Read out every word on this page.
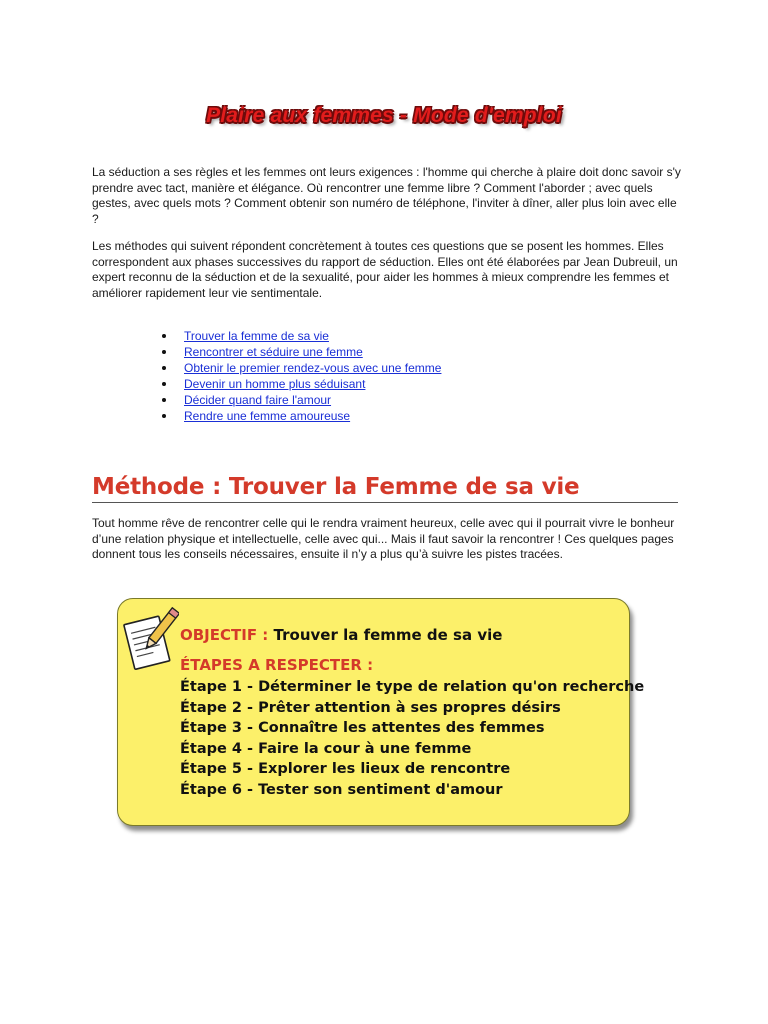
Plaire aux femmes - Mode d'emploi

La séduction a ses règles et les femmes ont leurs exigences : l'homme qui cherche à plaire doit donc savoir s'y prendre avec tact, manière et élégance. Où rencontrer une femme libre ? Comment l'aborder ; avec quels gestes, avec quels mots ? Comment obtenir son numéro de téléphone, l'inviter à dîner, aller plus loin avec elle ?

Les méthodes qui suivent répondent concrètement à toutes ces questions que se posent les hommes. Elles correspondent aux phases successives du rapport de séduction. Elles ont été élaborées par Jean Dubreuil, un expert reconnu de la séduction et de la sexualité, pour aider les hommes à mieux comprendre les femmes et améliorer rapidement leur vie sentimentale.

Trouver la femme de sa vie
Rencontrer et séduire une femme
Obtenir le premier rendez-vous avec une femme
Devenir un homme plus séduisant
Décider quand faire l'amour
Rendre une femme amoureuse
Méthode : Trouver la Femme de sa vie

Tout homme rêve de rencontrer celle qui le rendra vraiment heureux, celle avec qui il pourrait vivre le bonheur d’une relation physique et intellectuelle, celle avec qui... Mais il faut savoir la rencontrer ! Ces quelques pages donnent tous les conseils nécessaires, ensuite il n’y a plus qu’à suivre les pistes tracées.

OBJECTIF : Trouver la femme de sa vie
ÉTAPES A RESPECTER :
Étape 1 - Déterminer le type de relation qu'on recherche
Étape 2 - Prêter attention à ses propres désirs
Étape 3 - Connaître les attentes des femmes
Étape 4 - Faire la cour à une femme
Étape 5 - Explorer les lieux de rencontre
Étape 6 - Tester son sentiment d'amour
